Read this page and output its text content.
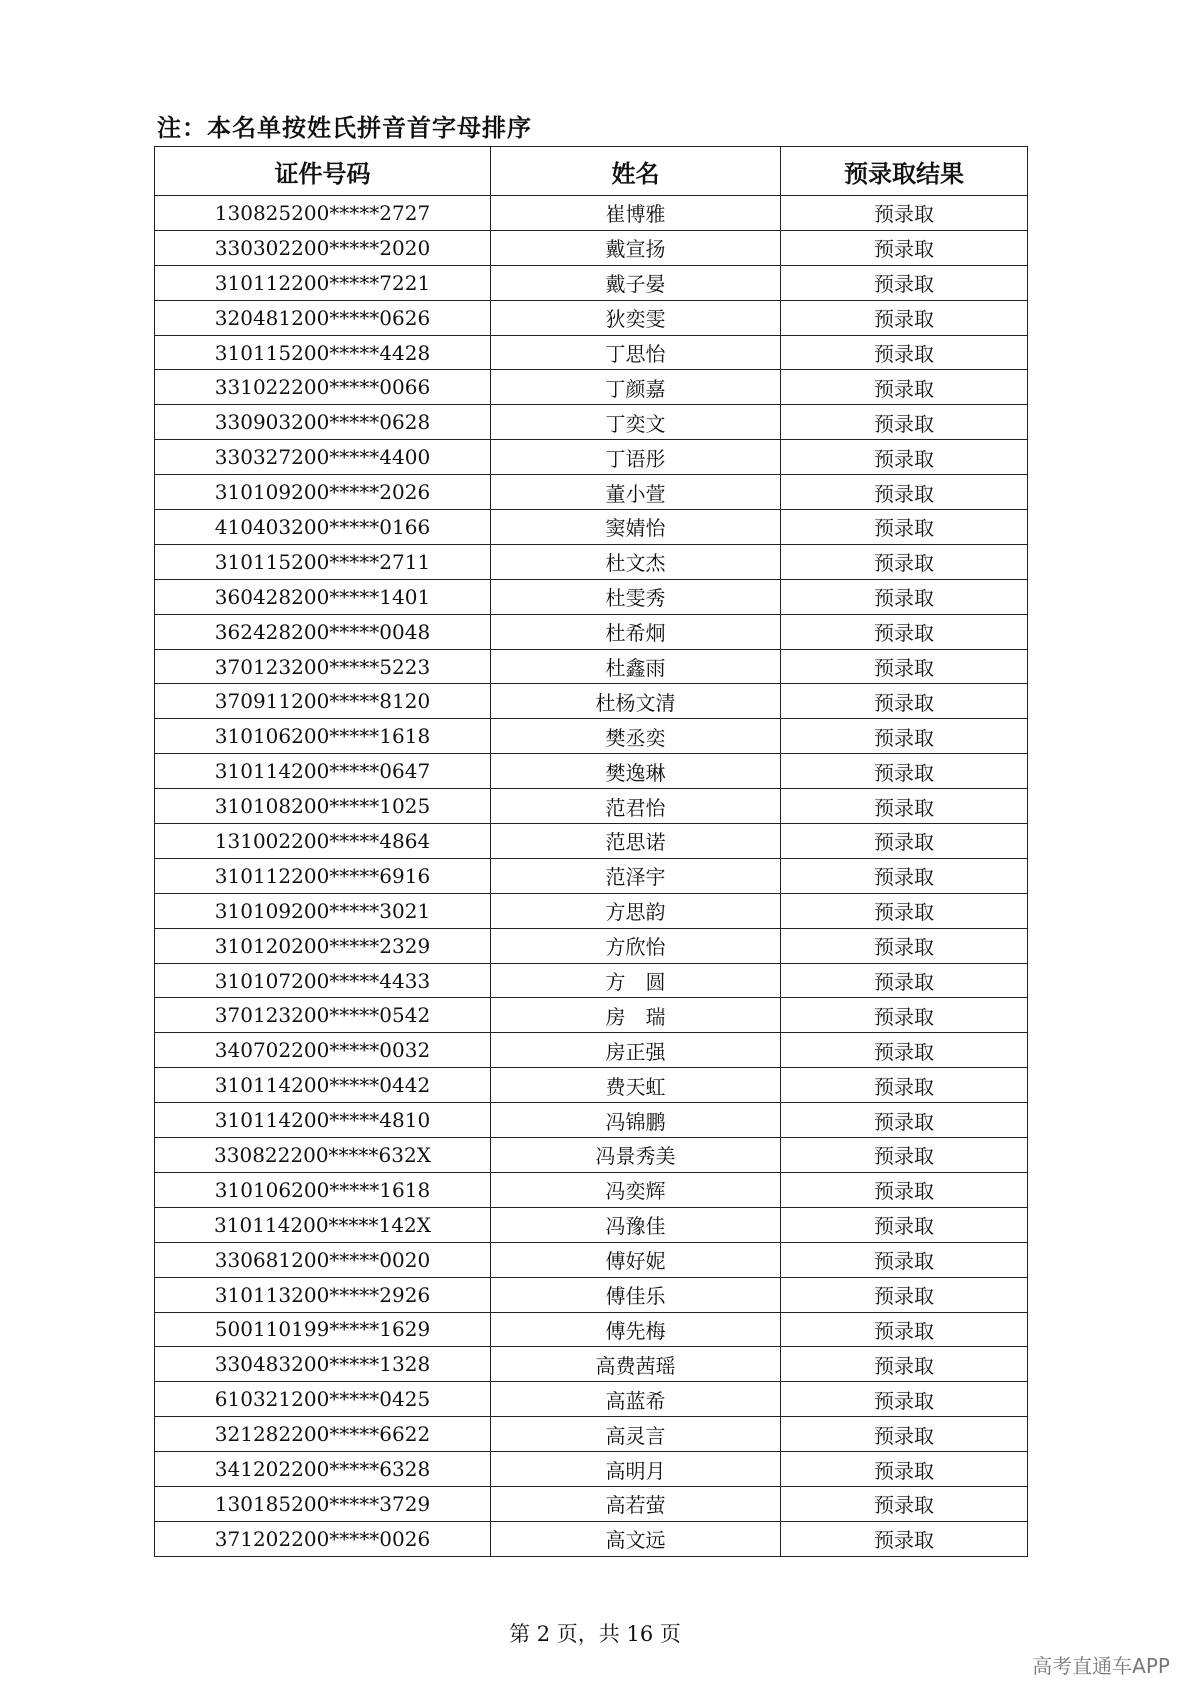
注：本名单按姓氏拼音首字母排序
证件号码	姓名	预录取结果
130825200*****2727	崔博雅	预录取
330302200*****2020	戴宣扬	预录取
310112200*****7221	戴子晏	预录取
320481200*****0626	狄奕雯	预录取
310115200*****4428	丁思怡	预录取
331022200*****0066	丁颜嘉	预录取
330903200*****0628	丁奕文	预录取
330327200*****4400	丁语彤	预录取
310109200*****2026	董小萱	预录取
410403200*****0166	窦婧怡	预录取
310115200*****2711	杜文杰	预录取
360428200*****1401	杜雯秀	预录取
362428200*****0048	杜希炯	预录取
370123200*****5223	杜鑫雨	预录取
370911200*****8120	杜杨文清	预录取
310106200*****1618	樊丞奕	预录取
310114200*****0647	樊逸琳	预录取
310108200*****1025	范君怡	预录取
131002200*****4864	范思诺	预录取
310112200*****6916	范泽宇	预录取
310109200*****3021	方思韵	预录取
310120200*****2329	方欣怡	预录取
310107200*****4433	方　圆	预录取
370123200*****0542	房　瑞	预录取
340702200*****0032	房正强	预录取
310114200*****0442	费天虹	预录取
310114200*****4810	冯锦鹏	预录取
330822200*****632X	冯景秀美	预录取
310106200*****1618	冯奕辉	预录取
310114200*****142X	冯豫佳	预录取
330681200*****0020	傅好妮	预录取
310113200*****2926	傅佳乐	预录取
500110199*****1629	傅先梅	预录取
330483200*****1328	高费茜瑶	预录取
610321200*****0425	高蓝希	预录取
321282200*****6622	高灵言	预录取
341202200*****6328	高明月	预录取
130185200*****3729	高若萤	预录取
371202200*****0026	高文远	预录取
第 2 页，共 16 页
高考直通车APP
